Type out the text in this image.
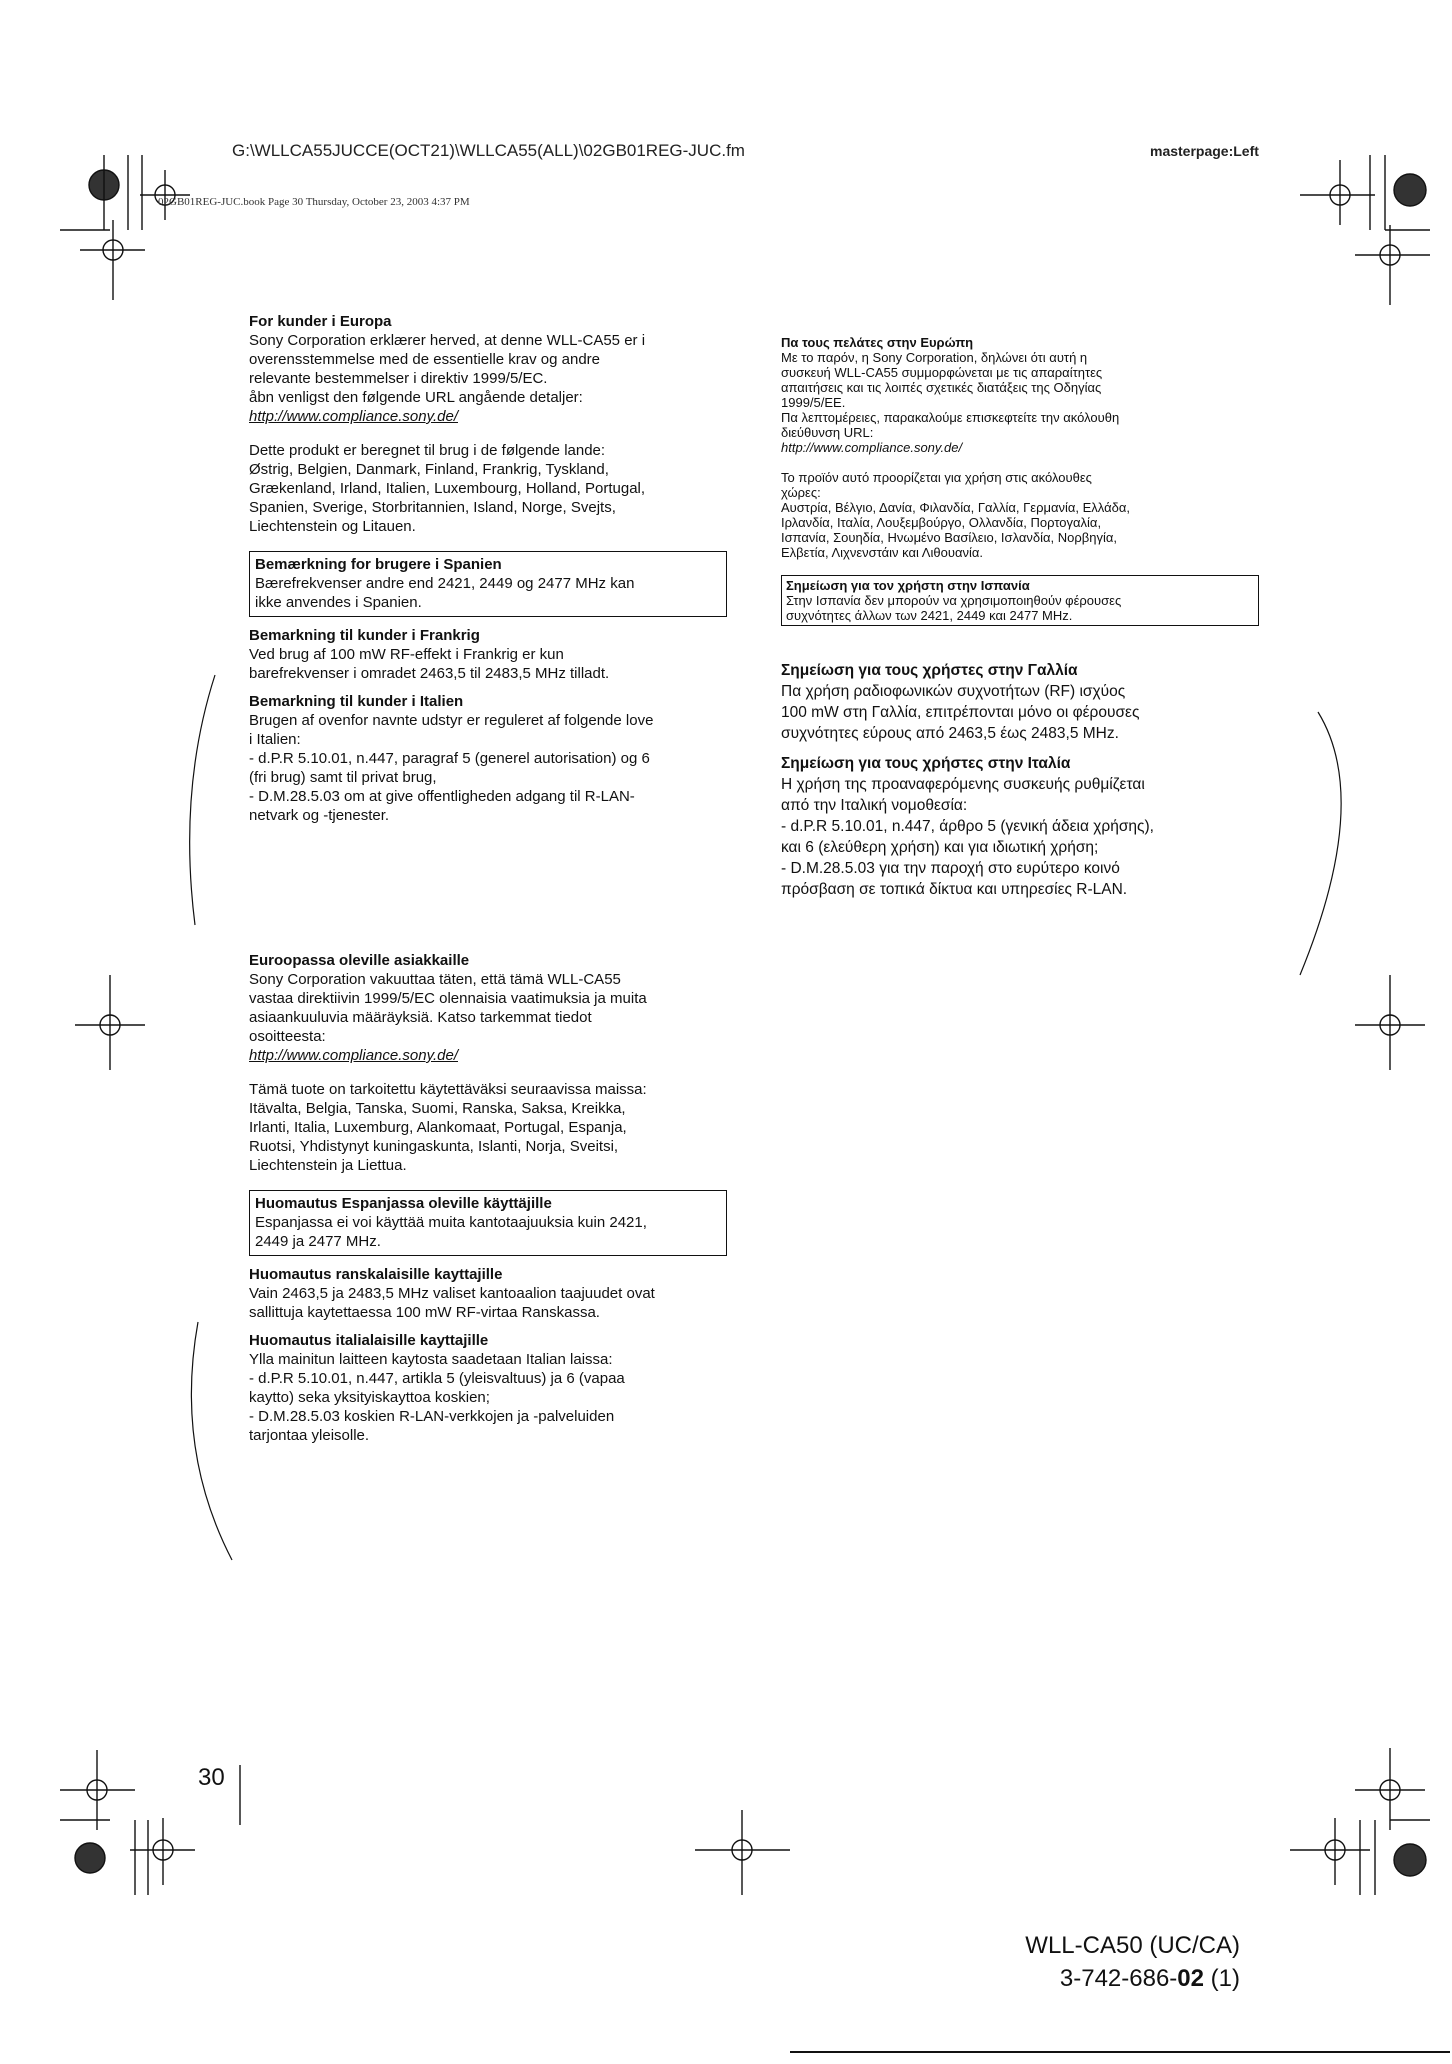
G:\WLLCA55JUCCE(OCT21)\WLLCA55(ALL)\02GB01REG-JUC.fm	masterpage:Left
02GB01REG-JUC.book Page 30 Thursday, October 23, 2003 4:37 PM

For kunder i Europa

Sony Corporation erklærer herved, at denne WLL-CA55 er i

overensstemmelse med de essentielle krav og andre

relevante bestemmelser i direktiv 1999/5/EC.

åbn venligst den følgende URL angående detaljer:

http://www.compliance.sony.de/

Dette produkt er beregnet til brug i de følgende lande:

Østrig, Belgien, Danmark, Finland, Frankrig, Tyskland,

Grækenland, Irland, Italien, Luxembourg, Holland, Portugal,

Spanien, Sverige, Storbritannien, Island, Norge, Svejts,

Liechtenstein og Litauen.

Bemærkning for brugere i Spanien

Bærefrekvenser andre end 2421, 2449 og 2477 MHz kan

ikke anvendes i Spanien.

Bemarkning til kunder i Frankrig

Ved brug af 100 mW RF-effekt i Frankrig er kun

barefrekvenser i omradet 2463,5 til 2483,5 MHz tilladt.

Bemarkning til kunder i Italien

Brugen af ovenfor navnte udstyr er reguleret af folgende love

i Italien:

- d.P.R 5.10.01, n.447, paragraf 5 (generel autorisation) og 6

(fri brug) samt til privat brug,

- D.M.28.5.03 om at give offentligheden adgang til R-LAN-

netvark og -tjenester.

Euroopassa oleville asiakkaille

Sony Corporation vakuuttaa täten, että tämä WLL-CA55

vastaa direktiivin 1999/5/EC olennaisia vaatimuksia ja muita

asiaankuuluvia määräyksiä. Katso tarkemmat tiedot

osoitteesta:

http://www.compliance.sony.de/

Tämä tuote on tarkoitettu käytettäväksi seuraavissa maissa:

Itävalta, Belgia, Tanska, Suomi, Ranska, Saksa, Kreikka,

Irlanti, Italia, Luxemburg, Alankomaat, Portugal, Espanja,

Ruotsi, Yhdistynyt kuningaskunta, Islanti, Norja, Sveitsi,

Liechtenstein ja Liettua.

Huomautus Espanjassa oleville käyttäjille

Espanjassa ei voi käyttää muita kantotaajuuksia kuin 2421,

2449 ja 2477 MHz.

Huomautus ranskalaisille kayttajille

Vain 2463,5 ja 2483,5 MHz valiset kantoaalion taajuudet ovat

sallittuja kaytettaessa 100 mW RF-virtaa Ranskassa.

Huomautus italialaisille kayttajille

Ylla mainitun laitteen kaytosta saadetaan Italian laissa:

- d.P.R 5.10.01, n.447, artikla 5 (yleisvaltuus) ja 6 (vapaa

kaytto) seka yksityiskayttoa koskien;

- D.M.28.5.03 koskien R-LAN-verkkojen ja -palveluiden

tarjontaa yleisolle.

Πα τους πελάτες στην Ευρώπη

Με το παρόν, η Sony Corporation, δηλώνει ότι αυτή η

συσκευή WLL-CA55 συμμορφώνεται με τις απαραίτητες

απαιτήσεις και τις λοιπές σχετικές διατάξεις της Οδηγίας

1999/5/EE.

Πα λεπτομέρειες, παρακαλούμε επισκεφτείτε την ακόλουθη

διεύθυνση URL:

http://www.compliance.sony.de/

Το προϊόν αυτό προορίζεται για χρήση στις ακόλουθες

χώρες:

Αυστρία, Βέλγιο, Δανία, Φιλανδία, Γαλλία, Γερμανία, Ελλάδα,

Ιρλανδία, Ιταλία, Λουξεμβούργο, Ολλανδία, Πορτογαλία,

Ισπανία, Σουηδία, Ηνωμένο Βασίλειο, Ισλανδία, Νορβηγία,

Ελβετία, Λιχνενστάιν και Λιθουανία.

Σημείωση για τον χρήστη στην Ισπανία

Στην Ισπανία δεν μπορούν να χρησιμοποιηθούν φέρουσες

συχνότητες άλλων των 2421, 2449 και 2477 MHz.

Σημείωση για τους χρήστες στην Γαλλία

Πα χρήση ραδιοφωνικών συχνοτήτων (RF) ισχύος

100 mW στη Γαλλία, επιτρέπονται μόνο οι φέρουσες

συχνότητες εύρους από 2463,5 έως 2483,5 MHz.

Σημείωση για τους χρήστες στην Ιταλία

Η χρήση της προαναφερόμενης συσκευής ρυθμίζεται

από την Ιταλική νομοθεσία:

- d.P.R 5.10.01, n.447, άρθρο 5 (γενική άδεια χρήσης),

και 6 (ελεύθερη χρήση) και για ιδιωτική χρήση;

- D.M.28.5.03 για την παροχή στο ευρύτερο κοινό

πρόσβαση σε τοπικά δίκτυα και υπηρεσίες R-LAN.

30
WLL-CA50 (UC/CA)
3-742-686-02 (1)
